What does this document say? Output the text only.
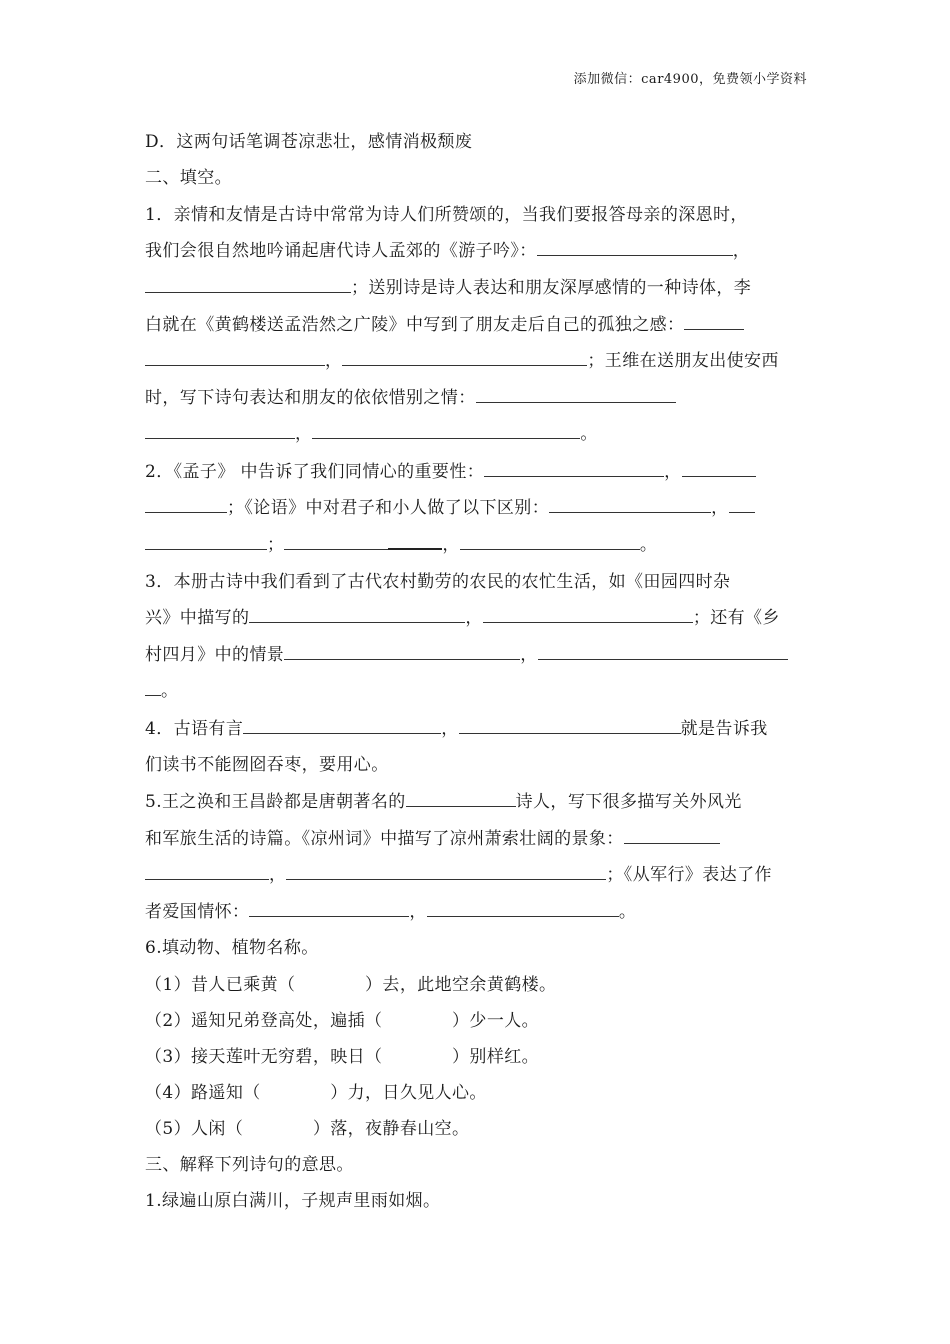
添加微信：car4900，免费领小学资料
D．这两句话笔调苍凉悲壮，感情消极颓废
二、填空。
1．亲情和友情是古诗中常常为诗人们所赞颂的，当我们要报答母亲的深恩时，
我们会很自然地吟诵起唐代诗人孟郊的《游子吟》：	，
；送别诗是诗人表达和朋友深厚感情的一种诗体，李
白就在《黄鹤楼送孟浩然之广陵》中写到了朋友走后自己的孤独之感：
，	；王维在送朋友出使安西
时，写下诗句表达和朋友的依依惜别之情：
，	。
2．《孟子》 中告诉了我们同情心的重要性：	，
；《论语》中对君子和小人做了以下区别：	，
；	，	。
3．本册古诗中我们看到了古代农村勤劳的农民的农忙生活，如《田园四时杂
兴》中描写的	，	；还有《乡
村四月》中的情景	，
。
4．古语有言	，	就是告诉我
们读书不能囫囵吞枣，要用心。
5.王之涣和王昌龄都是唐朝著名的	诗人，写下很多描写关外风光
和军旅生活的诗篇。《凉州词》中描写了凉州萧索壮阔的景象：
，	；《从军行》表达了作
者爱国情怀：	，	。
6.填动物、植物名称。
（1）昔人已乘黄（　　　　）去，此地空余黄鹤楼。
（2）遥知兄弟登高处，遍插（　　　　）少一人。
（3）接天莲叶无穷碧，映日（　　　　）别样红。
（4）路遥知（　　　　）力，日久见人心。
（5）人闲（　　　　）落，夜静春山空。
三、解释下列诗句的意思。
1.绿遍山原白满川，子规声里雨如烟。
